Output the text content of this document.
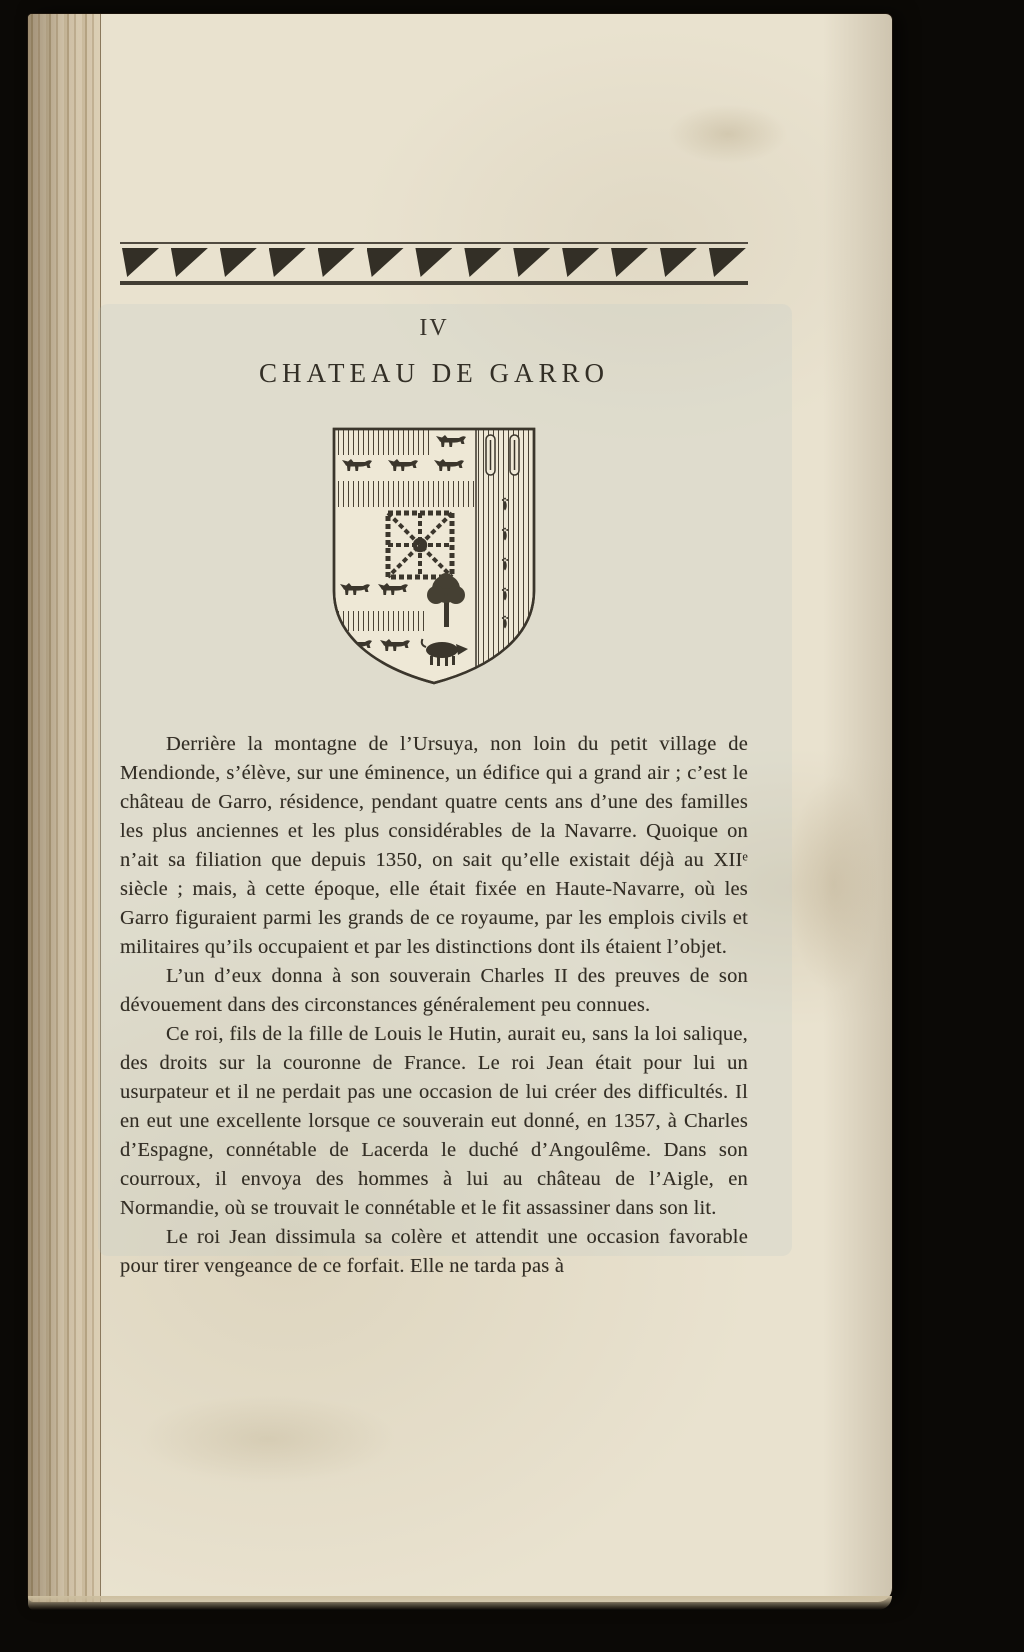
IV
CHATEAU DE GARRO

Derrière la montagne de l’Ursuya, non loin du petit village de Mendionde, s’élève, sur une éminence, un édifice qui a grand air ; c’est le château de Garro, résidence, pendant quatre cents ans d’une des familles les plus anciennes et les plus considérables de la Navarre. Quoique on n’ait sa filiation que depuis 1350, on sait qu’elle existait déjà au XIIᵉ siècle ; mais, à cette époque, elle était fixée en Haute-Navarre, où les Garro figuraient parmi les grands de ce royaume, par les emplois civils et militaires qu’ils occupaient et par les distinctions dont ils étaient l’objet.

L’un d’eux donna à son souverain Charles II des preuves de son dévouement dans des circonstances généralement peu connues.

Ce roi, fils de la fille de Louis le Hutin, aurait eu, sans la loi salique, des droits sur la couronne de France. Le roi Jean était pour lui un usurpateur et il ne perdait pas une occasion de lui créer des difficultés. Il en eut une excellente lorsque ce souverain eut donné, en 1357, à Charles d’Espagne, connétable de Lacerda le duché d’Angoulême. Dans son courroux, il envoya des hommes à lui au château de l’Aigle, en Normandie, où se trouvait le connétable et le fit assassiner dans son lit.

Le roi Jean dissimula sa colère et attendit une occasion favorable pour tirer vengeance de ce forfait. Elle ne tarda pas à
